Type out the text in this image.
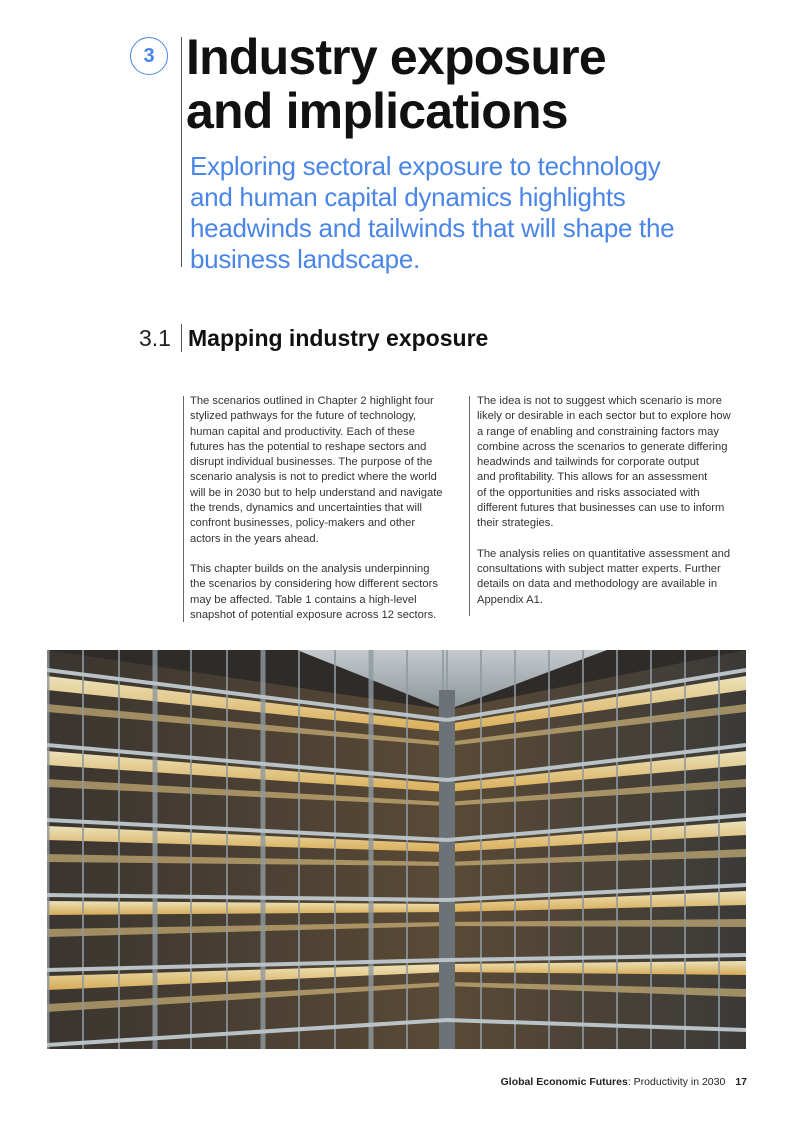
3 Industry exposure
and implications

Exploring sectoral exposure to technology and human capital dynamics highlights headwinds and tailwinds that will shape the business landscape.

3.1 Mapping industry exposure

The scenarios outlined in Chapter 2 highlight four
stylized pathways for the future of technology,
human capital and productivity. Each of these
futures has the potential to reshape sectors and
disrupt individual businesses. The purpose of the
scenario analysis is not to predict where the world
will be in 2030 but to help understand and navigate
the trends, dynamics and uncertainties that will
confront businesses, policy-makers and other
actors in the years ahead.

This chapter builds on the analysis underpinning
the scenarios by considering how different sectors
may be affected. Table 1 contains a high-level
snapshot of potential exposure across 12 sectors.

The idea is not to suggest which scenario is more
likely or desirable in each sector but to explore how
a range of enabling and constraining factors may
combine across the scenarios to generate differing
headwinds and tailwinds for corporate output
and profitability. This allows for an assessment
of the opportunities and risks associated with
different futures that businesses can use to inform
their strategies.

The analysis relies on quantitative assessment and
consultations with subject matter experts. Further
details on data and methodology are available in
Appendix A1.

Global Economic Futures: Productivity in 2030 17
